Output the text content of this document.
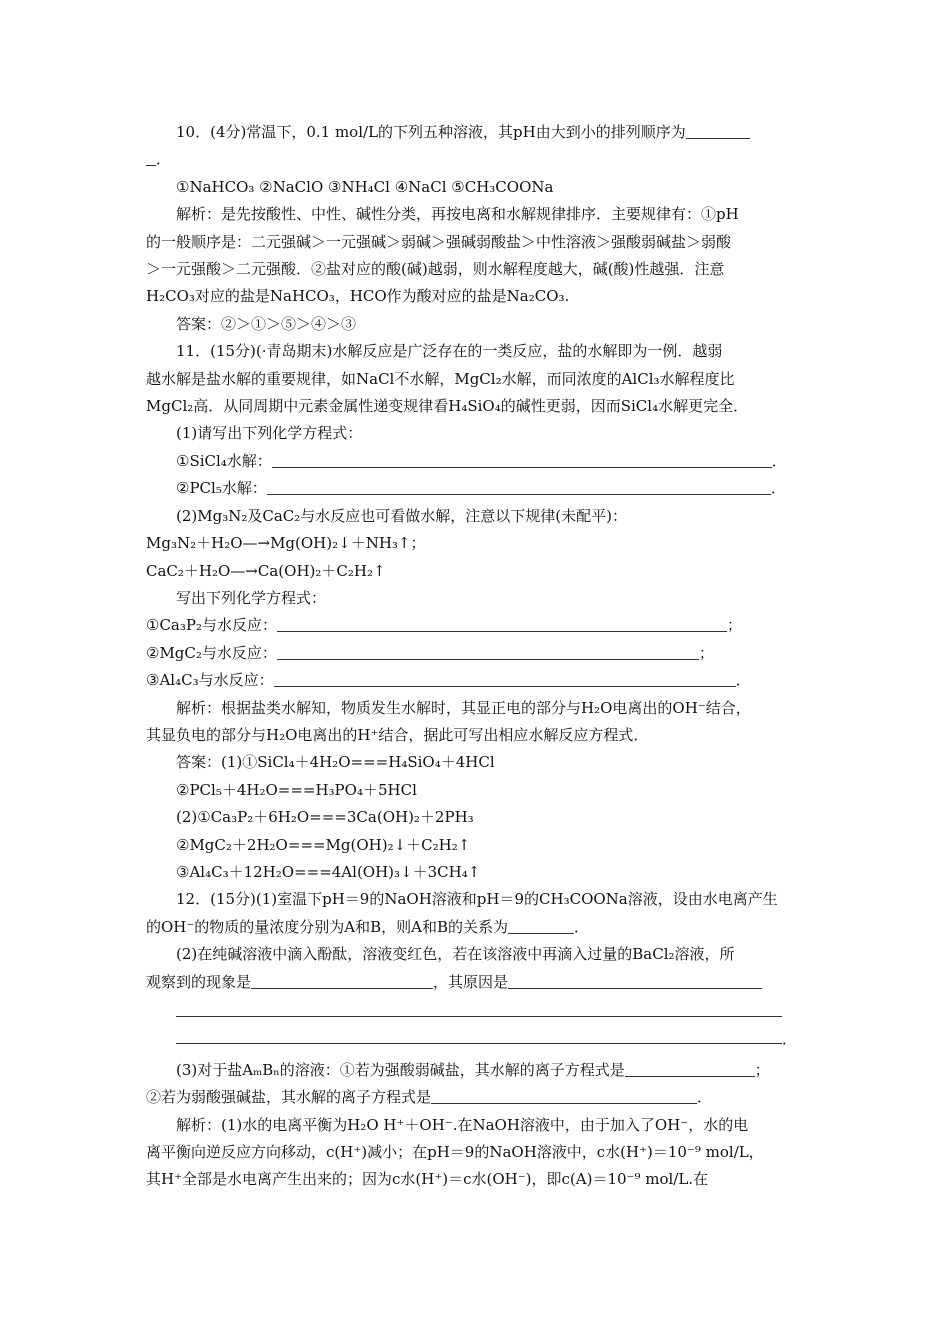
10．(4分)常温下，0.1 mol/L的下列五种溶液，其pH由大到小的排列顺序为

．

①NaHCO₃ ②NaClO ③NH₄Cl ④NaCl ⑤CH₃COONa

解析：是先按酸性、中性、碱性分类，再按电离和水解规律排序．主要规律有：①pH

的一般顺序是：二元强碱＞一元强碱＞弱碱＞强碱弱酸盐＞中性溶液＞强酸弱碱盐＞弱酸

＞一元强酸＞二元强酸．②盐对应的酸(碱)越弱，则水解程度越大，碱(酸)性越强．注意

H₂CO₃对应的盐是NaHCO₃，HCO作为酸对应的盐是Na₂CO₃.

答案：②＞①＞⑤＞④＞③

11．(15分)(·青岛期末)水解反应是广泛存在的一类反应，盐的水解即为一例．越弱

越水解是盐水解的重要规律，如NaCl不水解，MgCl₂水解，而同浓度的AlCl₃水解程度比

MgCl₂高．从同周期中元素金属性递变规律看H₄SiO₄的碱性更弱，因而SiCl₄水解更完全．

(1)请写出下列化学方程式：

①SiCl₄水解：	．

②PCl₅水解：	．

(2)Mg₃N₂及CaC₂与水反应也可看做水解，注意以下规律(未配平)：

Mg₃N₂＋H₂O—→Mg(OH)₂↓＋NH₃↑；

CaC₂＋H₂O—→Ca(OH)₂＋C₂H₂↑

写出下列化学方程式：

①Ca₃P₂与水反应：	；

②MgC₂与水反应：	；

③Al₄C₃与水反应：	．

解析：根据盐类水解知，物质发生水解时，其显正电的部分与H₂O电离出的OH⁻结合，

其显负电的部分与H₂O电离出的H⁺结合，据此可写出相应水解反应方程式．

答案：(1)①SiCl₄＋4H₂O===H₄SiO₄＋4HCl

②PCl₅＋4H₂O===H₃PO₄＋5HCl

(2)①Ca₃P₂＋6H₂O===3Ca(OH)₂＋2PH₃

②MgC₂＋2H₂O===Mg(OH)₂↓＋C₂H₂↑

③Al₄C₃＋12H₂O===4Al(OH)₃↓＋3CH₄↑

12．(15分)(1)室温下pH＝9的NaOH溶液和pH＝9的CH₃COONa溶液，设由水电离产生

的OH⁻的物质的量浓度分别为A和B，则A和B的关系为	．

(2)在纯碱溶液中滴入酚酞，溶液变红色，若在该溶液中再滴入过量的BaCl₂溶液，所

观察到的现象是	，其原因是

．

(3)对于盐AₘBₙ的溶液：①若为强酸弱碱盐，其水解的离子方程式是	；

②若为弱酸强碱盐，其水解的离子方程式是	．

解析：(1)水的电离平衡为H₂O H⁺＋OH⁻.在NaOH溶液中，由于加入了OH⁻，水的电

离平衡向逆反应方向移动，c(H⁺)减小；在pH＝9的NaOH溶液中，c水(H⁺)＝10⁻⁹ mol/L，

其H⁺全部是水电离产生出来的；因为c水(H⁺)＝c水(OH⁻)，即c(A)＝10⁻⁹ mol/L.在
